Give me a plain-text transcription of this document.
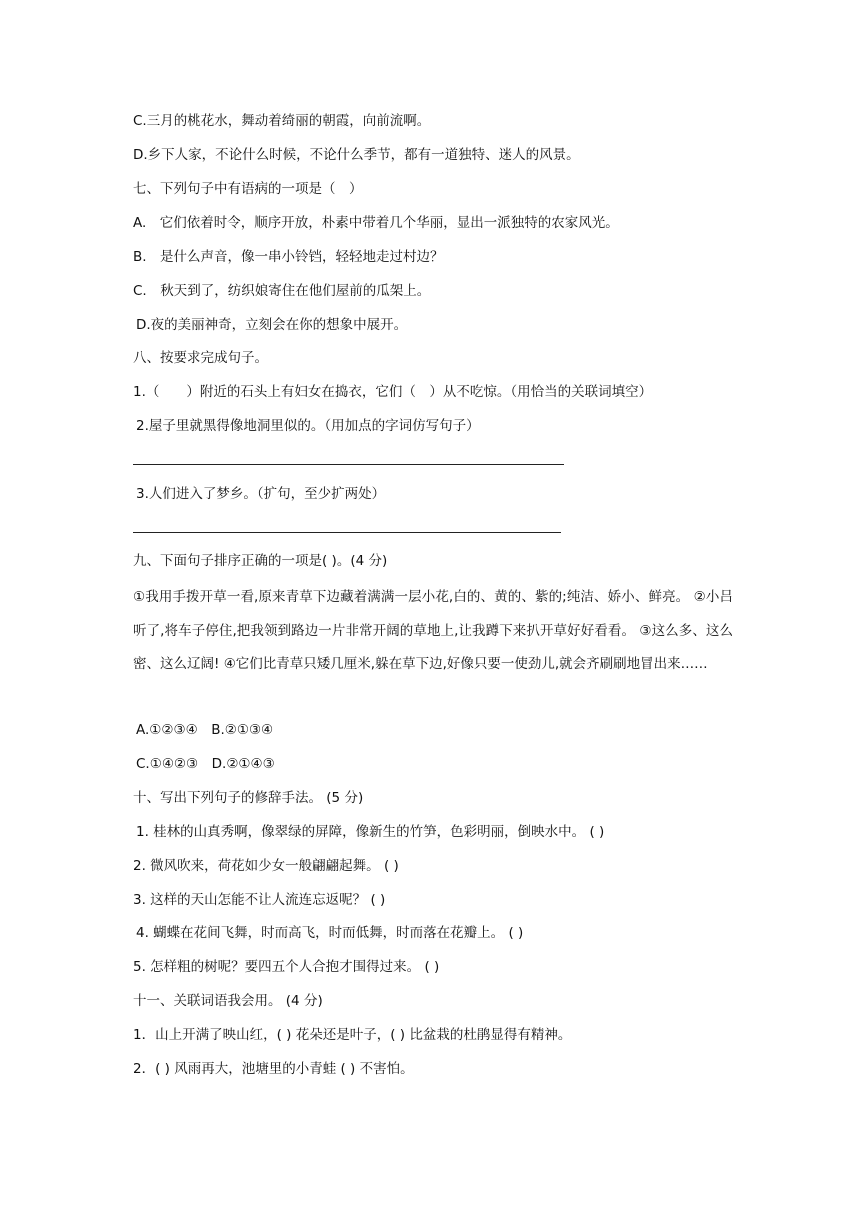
C.三月的桃花水，舞动着绮丽的朝霞，向前流啊。
D.乡下人家，不论什么时候，不论什么季节，都有一道独特、迷人的风景。
七、下列句子中有语病的一项是（　）
A.　它们依着时令，顺序开放，朴素中带着几个华丽，显出一派独特的农家风光。
B.　是什么声音，像一串小铃铛，轻轻地走过村边？
C.　秋天到了，纺织娘寄住在他们屋前的瓜架上。
D.夜的美丽神奇，立刻会在你的想象中展开。
八、按要求完成句子。
1.（　　）附近的石头上有妇女在捣衣，它们（　）从不吃惊。（用恰当的关联词填空）
2.屋子里就黑得像地洞里似的。（用加点的字词仿写句子）
3.人们进入了梦乡。（扩句，至少扩两处）
九、下面句子排序正确的一项是( )。(4 分)
①我用手拨开草一看,原来青草下边藏着满满一层小花,白的、黄的、紫的;纯洁、娇小、鲜亮。 ②小吕听了,将车子停住,把我领到路边一片非常开阔的草地上,让我蹲下来扒开草好好看看。 ③这么多、这么密、这么辽阔! ④它们比青草只矮几厘米,躲在草下边,好像只要一使劲儿,就会齐刷刷地冒出来……
A.①②③④　B.②①③④
C.①④②③　D.②①④③
十、写出下列句子的修辞手法。 (5 分)
1. 桂林的山真秀啊，像翠绿的屏障，像新生的竹笋，色彩明丽，倒映水中。 ( )
2. 微风吹来，荷花如少女一般翩翩起舞。 ( )
3. 这样的天山怎能不让人流连忘返呢？ ( )
4. 蝴蝶在花间飞舞，时而高飞，时而低舞，时而落在花瓣上。 ( )
5. 怎样粗的树呢？要四五个人合抱才围得过来。 ( )
十一、关联词语我会用。 (4 分)
1．山上开满了映山红，( ) 花朵还是叶子，( ) 比盆栽的杜鹃显得有精神。
2．( ) 风雨再大，池塘里的小青蛙 ( ) 不害怕。
